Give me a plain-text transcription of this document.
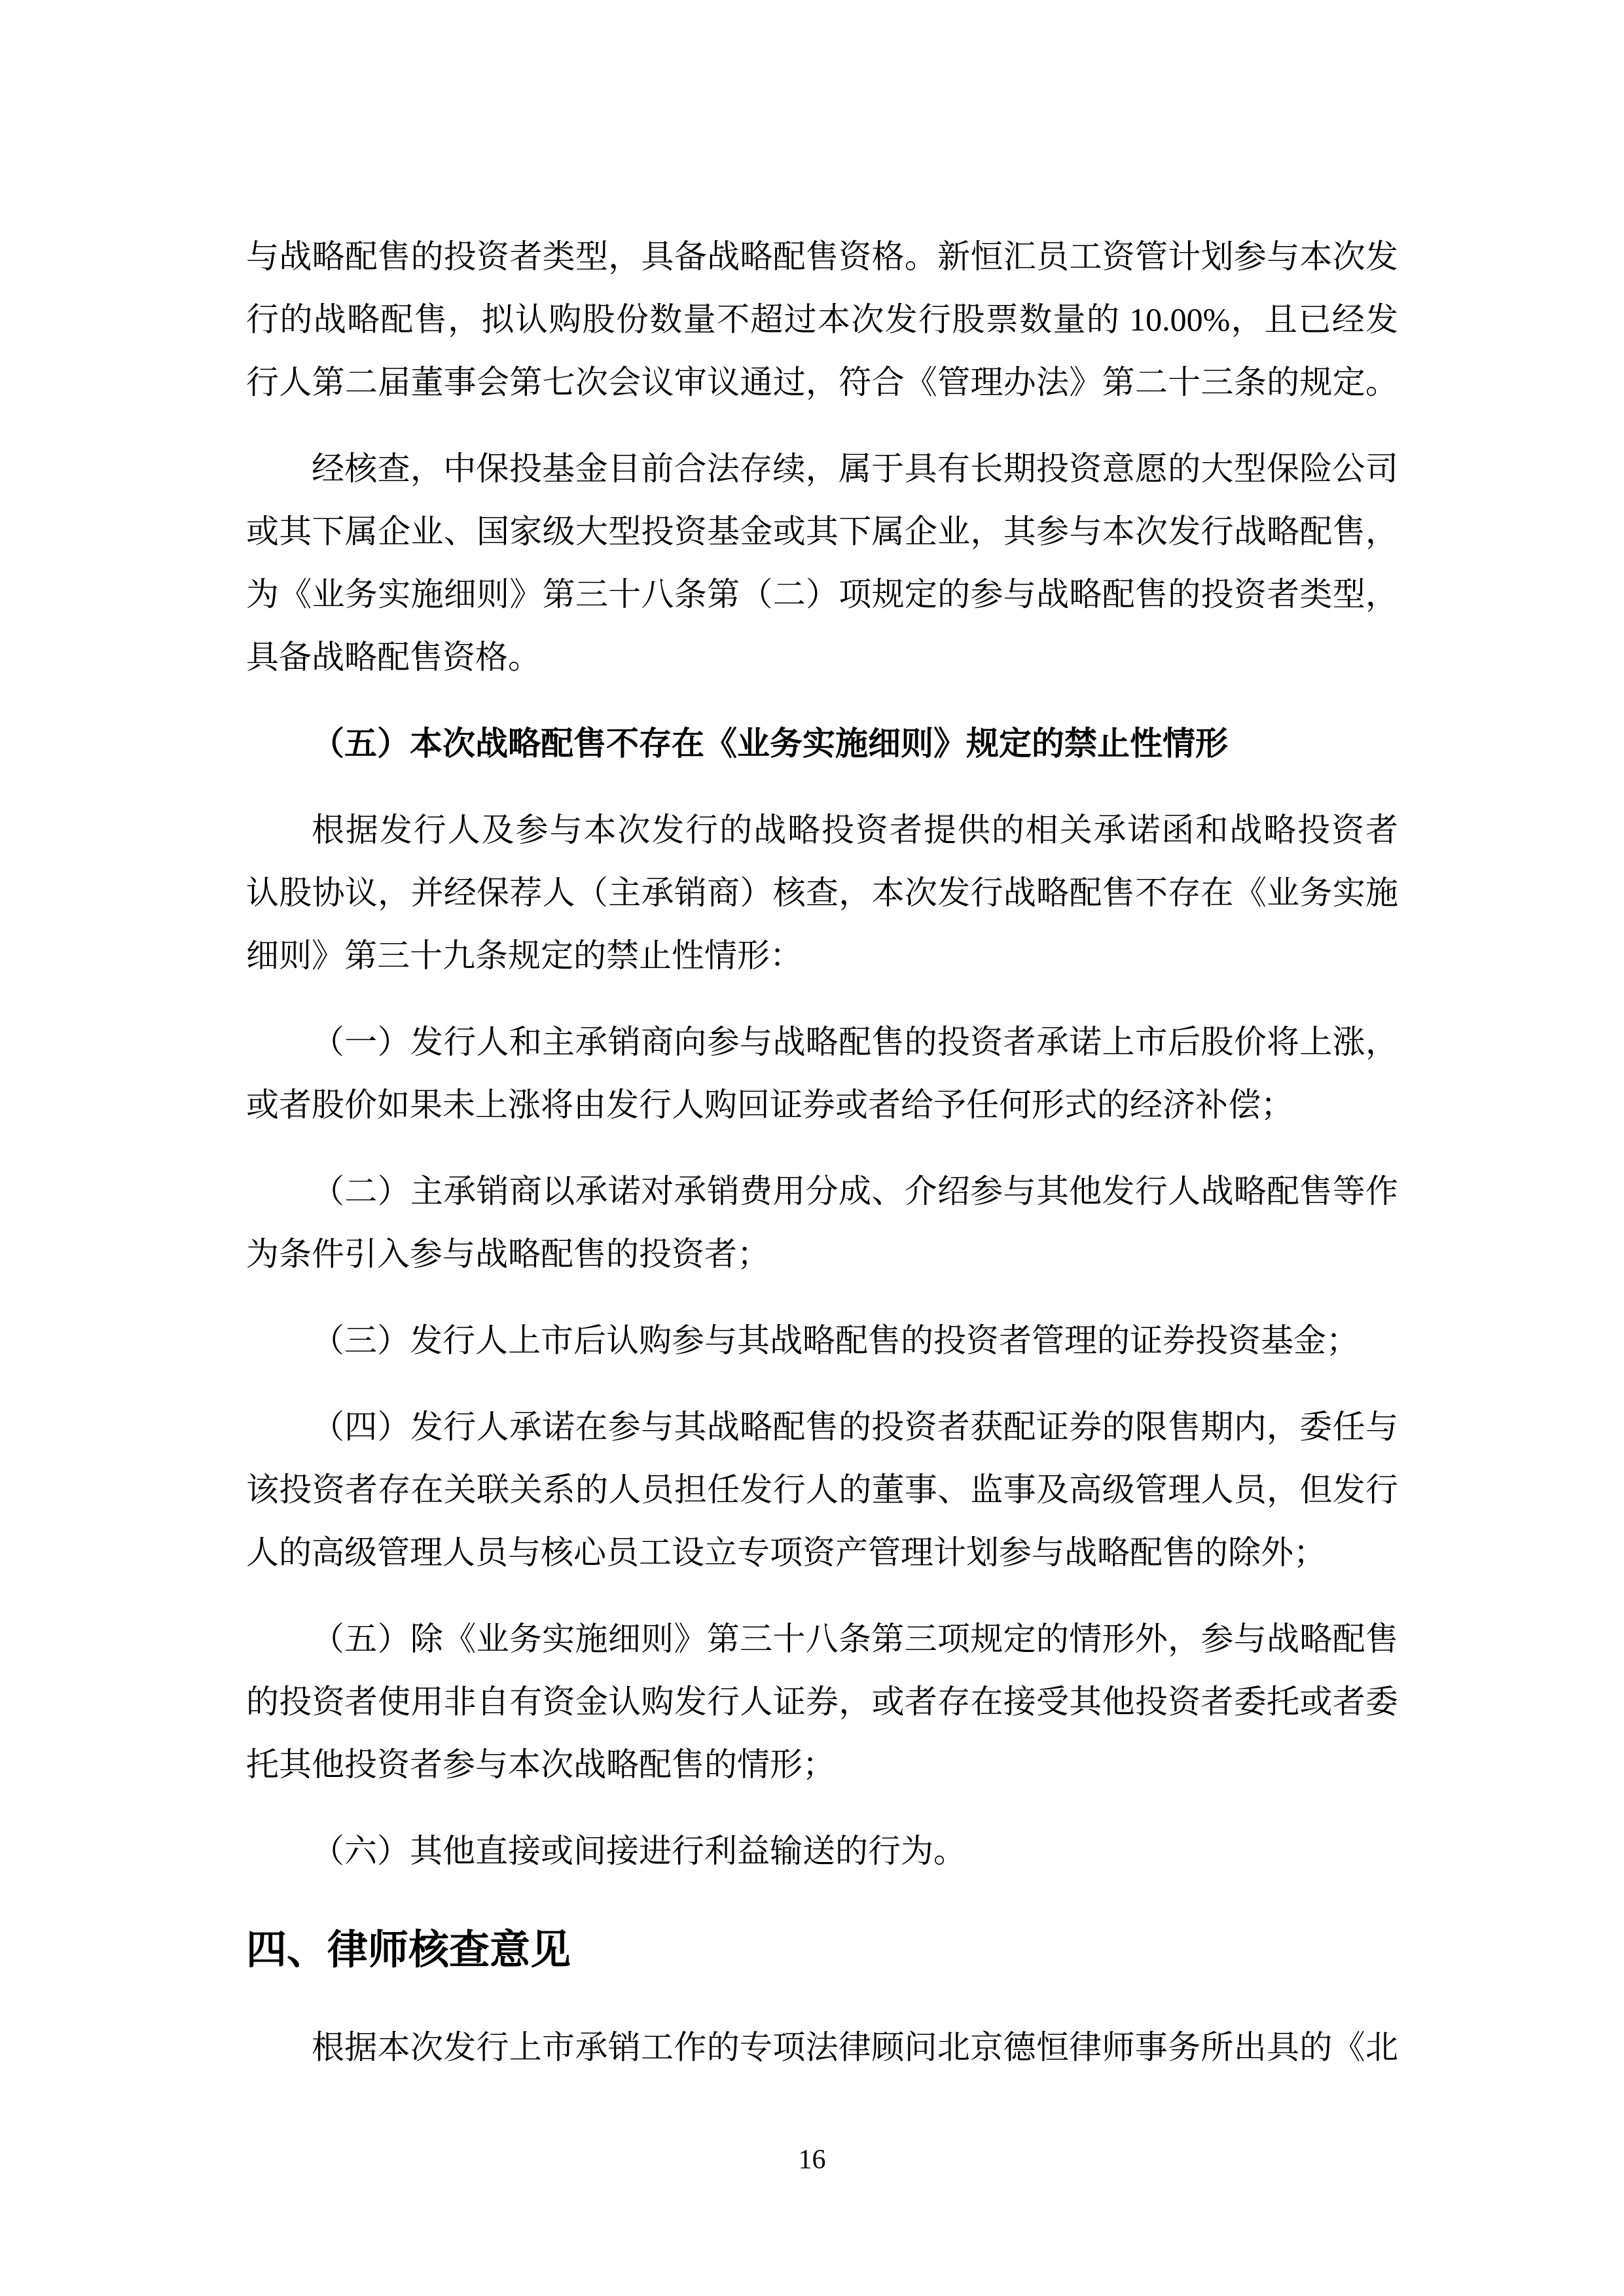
与战略配售的投资者类型，具备战略配售资格。新恒汇员工资管计划参与本次发
行的战略配售，拟认购股份数量不超过本次发行股票数量的 10.00%，且已经发
行人第二届董事会第七次会议审议通过，符合《管理办法》第二十三条的规定。
经核查，中保投基金目前合法存续，属于具有长期投资意愿的大型保险公司
或其下属企业、国家级大型投资基金或其下属企业，其参与本次发行战略配售，
为《业务实施细则》第三十八条第（二）项规定的参与战略配售的投资者类型，
具备战略配售资格。
（五）本次战略配售不存在《业务实施细则》规定的禁止性情形
根据发行人及参与本次发行的战略投资者提供的相关承诺函和战略投资者
认股协议，并经保荐人（主承销商）核查，本次发行战略配售不存在《业务实施
细则》第三十九条规定的禁止性情形：
（一）发行人和主承销商向参与战略配售的投资者承诺上市后股价将上涨，
或者股价如果未上涨将由发行人购回证券或者给予任何形式的经济补偿；
（二）主承销商以承诺对承销费用分成、介绍参与其他发行人战略配售等作
为条件引入参与战略配售的投资者；
（三）发行人上市后认购参与其战略配售的投资者管理的证券投资基金；
（四）发行人承诺在参与其战略配售的投资者获配证券的限售期内，委任与
该投资者存在关联关系的人员担任发行人的董事、监事及高级管理人员，但发行
人的高级管理人员与核心员工设立专项资产管理计划参与战略配售的除外；
（五）除《业务实施细则》第三十八条第三项规定的情形外，参与战略配售
的投资者使用非自有资金认购发行人证券，或者存在接受其他投资者委托或者委
托其他投资者参与本次战略配售的情形；
（六）其他直接或间接进行利益输送的行为。
四、律师核查意见
根据本次发行上市承销工作的专项法律顾问北京德恒律师事务所出具的《北
16
